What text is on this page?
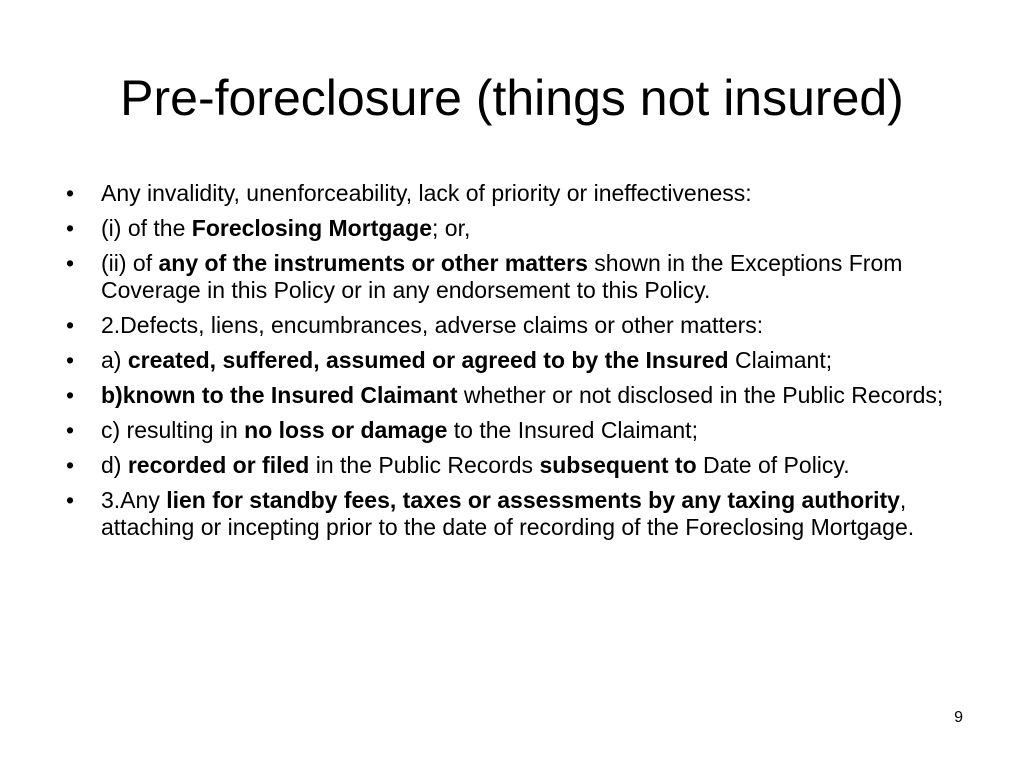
Pre-foreclosure (things not insured)
• Any invalidity, unenforceability, lack of priority or ineffectiveness:
• (i) of the Foreclosing Mortgage; or,
• (ii) of any of the instruments or other matters shown in the Exceptions From Coverage in this Policy or in any endorsement to this Policy.
• 2.Defects, liens, encumbrances, adverse claims or other matters:
• a) created, suffered, assumed or agreed to by the Insured Claimant;
• b)known to the Insured Claimant whether or not disclosed in the Public Records;
• c) resulting in no loss or damage to the Insured Claimant;
• d) recorded or filed in the Public Records subsequent to Date of Policy.
• 3.Any lien for standby fees, taxes or assessments by any taxing authority, attaching or incepting prior to the date of recording of the Foreclosing Mortgage.
9
